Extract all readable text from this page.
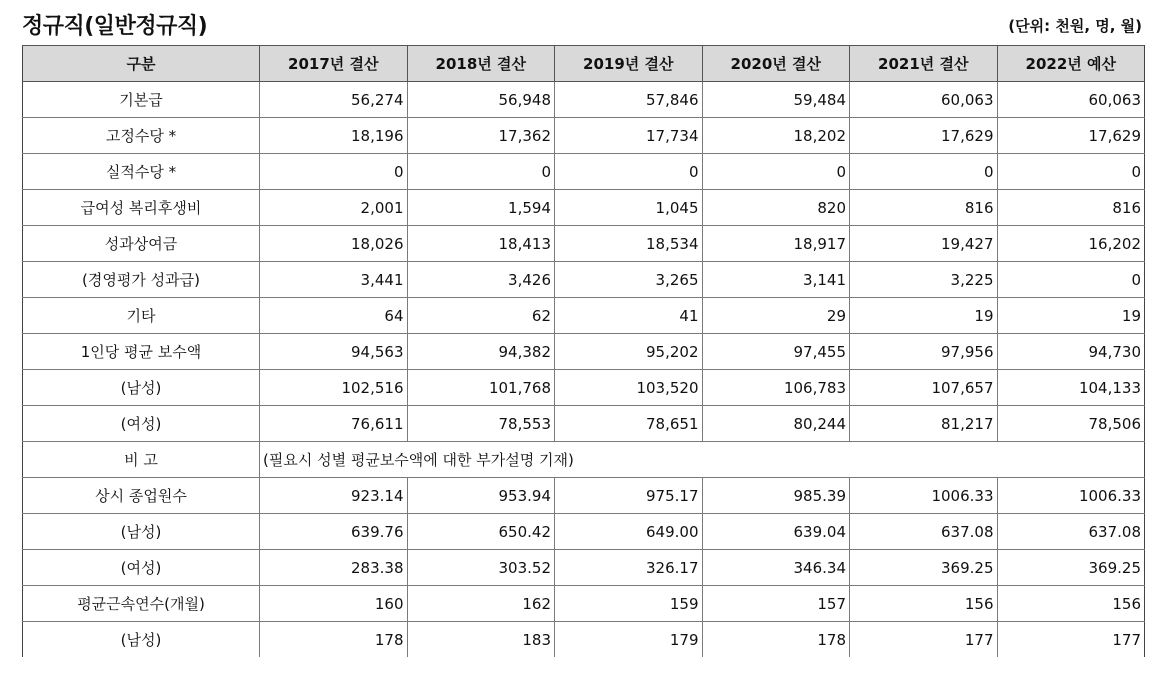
정규직(일반정규직)	(단위: 천원, 명, 월)
구분	2017년 결산	2018년 결산	2019년 결산	2020년 결산	2021년 결산	2022년 예산
기본급	56,274	56,948	57,846	59,484	60,063	60,063
고정수당 *	18,196	17,362	17,734	18,202	17,629	17,629
실적수당 *	0	0	0	0	0	0
급여성 복리후생비	2,001	1,594	1,045	820	816	816
성과상여금	18,026	18,413	18,534	18,917	19,427	16,202
(경영평가 성과급)	3,441	3,426	3,265	3,141	3,225	0
기타	64	62	41	29	19	19
1인당 평균 보수액	94,563	94,382	95,202	97,455	97,956	94,730
(남성)	102,516	101,768	103,520	106,783	107,657	104,133
(여성)	76,611	78,553	78,651	80,244	81,217	78,506
비 고	(필요시 성별 평균보수액에 대한 부가설명 기재)					
상시 종업원수	923.14	953.94	975.17	985.39	1006.33	1006.33
(남성)	639.76	650.42	649.00	639.04	637.08	637.08
(여성)	283.38	303.52	326.17	346.34	369.25	369.25
평균근속연수(개월)	160	162	159	157	156	156
(남성)	178	183	179	178	177	177
